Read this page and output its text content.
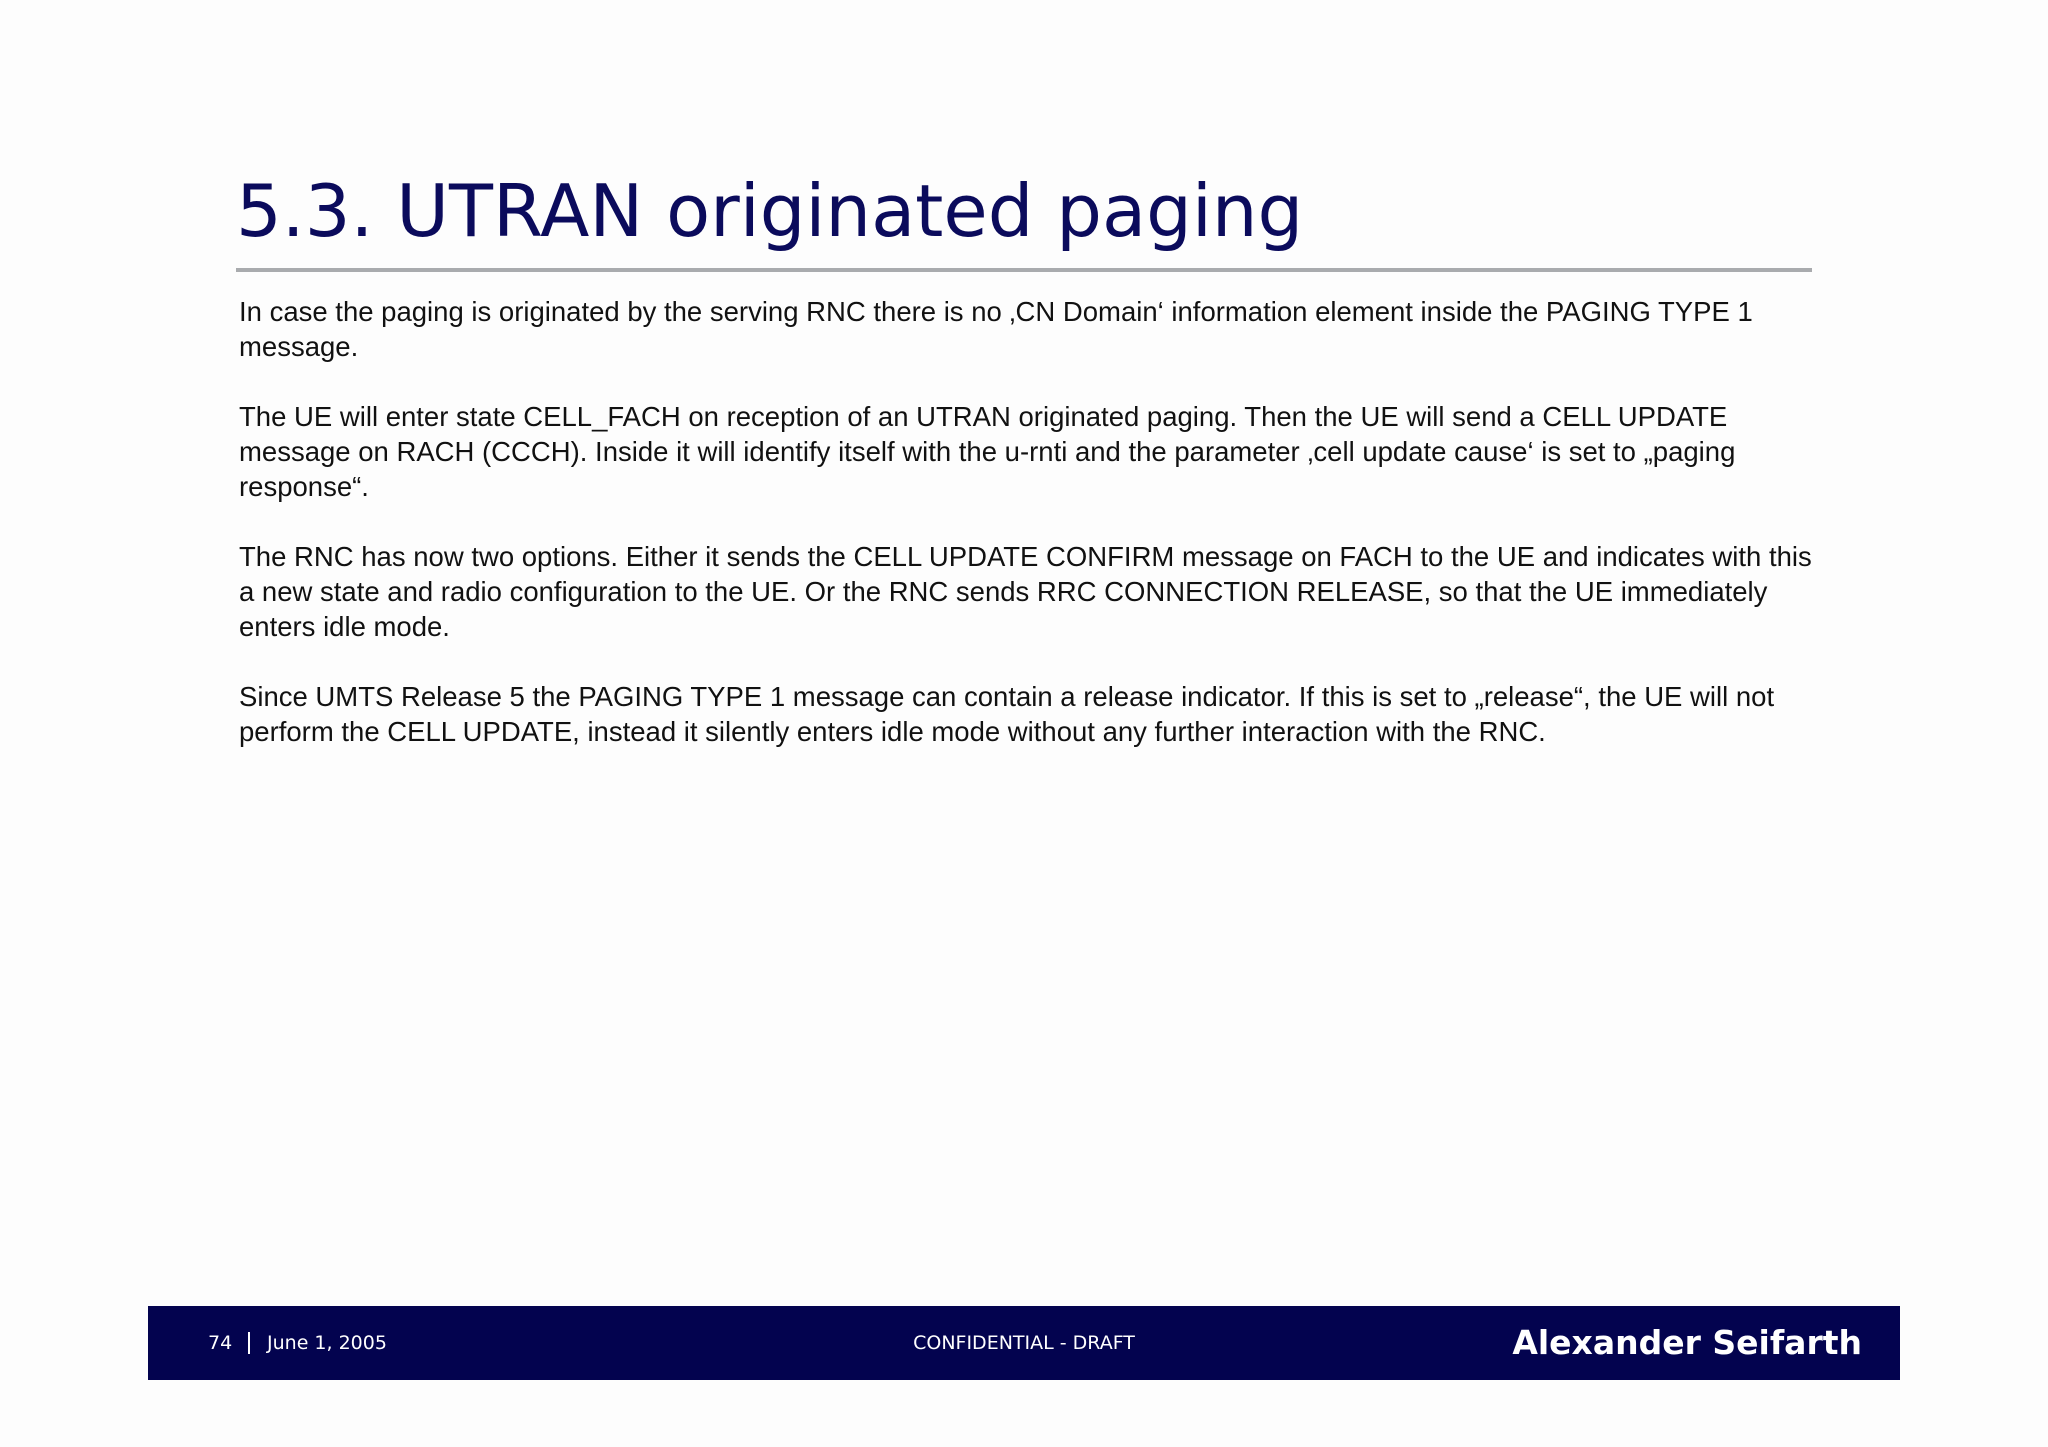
5.3. UTRAN originated paging

In case the paging is originated by the serving RNC there is no ‚CN Domain‘ information element inside the PAGING TYPE 1 message.

The UE will enter state CELL_FACH on reception of an UTRAN originated paging. Then the UE will send a CELL UPDATE message on RACH (CCCH). Inside it will identify itself with the u-rnti and the parameter ‚cell update cause‘ is set to „paging response“.

The RNC has now two options. Either it sends the CELL UPDATE CONFIRM message on FACH to the UE and indicates with this a new state and radio configuration to the UE. Or the RNC sends RRC CONNECTION RELEASE, so that the UE immediately enters idle mode.

Since UMTS Release 5 the PAGING TYPE 1 message can contain a release indicator. If this is set to „release“, the UE will not perform the CELL UPDATE, instead it silently enters idle mode without any further interaction with the RNC.

74 June 1, 2005	CONFIDENTIAL - DRAFT	Alexander Seifarth
